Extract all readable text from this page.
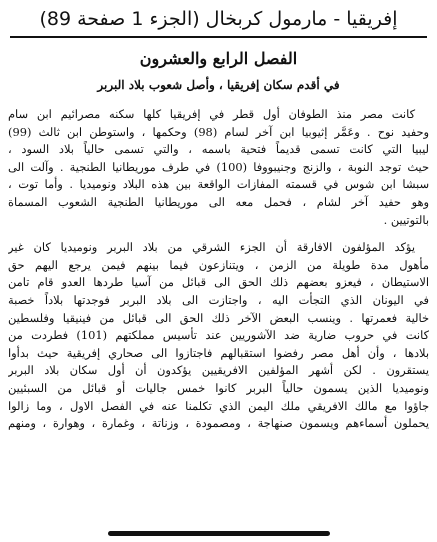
إفريقيا - مارمول كربخال (الجزء 1 صفحة 89)
الفصل الرابع والعشرون
في أقدم سكان إفريقيا ، وأصل شعوب بلاد البربر
كانت مصر منذ الطوفان أول قطر في إفريقيا كلها سكنه مصرائيم ابن سام
وحفيد نوح . وعَمَّر إثيوبيا ابن آخر لسام (98) وحكمها ، واستوطن ابن ثالث (99)
ليبيا التي كانت تسمى قديماً فتحية باسمه ، والتي تسمى حالياً بلاد السود ،
حيث توجد النوبة ، والزنج وجنيبووفا (100) في طرف موريطانيا الطنجية . وآلت الى
سبشا ابن شوس في قسمته المفازات الواقعة بين هذه البلاد ونوميديا . وأما توت ،
وهو حفيد آخر لشام ، فحمل معه الى موريطانيا الطنجية الشعوب المسماة
بالتوتيين .
يؤكد المؤلفون الافارقة أن الجزء الشرقي من بلاد البربر ونوميديا كان غير
مأهول مدة طويلة من الزمن ، ويتنازعون فيما بينهم فيمن يرجع اليهم حق
الاستيطان ، فيعزو بعضهم ذلك الحق الى قبائل من آسيا طردها العدو قام تامن
في اليونان الذي التجأت اليه ، واجتازت الى بلاد البربر فوجدتها بلاداً خصبة
خالية فعمرتها . وينسب البعض الآخر ذلك الحق الى قبائل من فينيقيا وفلسطين
كانت في حروب ضارية ضد الآشوريين عند تأسيس مملكتهم (101) فطردت من
بلادها ، وأن أهل مصر رفضوا استقبالهم فاجتازوا الى صحاري إفريقية حيث بدأوا
يستقرون . لكن أشهر المؤلفين الافريقيين يؤكدون أن أول سكان بلاد البربر
ونوميديا الذين يسمون حالياً البربر كانوا خمس جاليات أو قبائل من السبئيين
جاؤوا مع مالك الافريقي ملك اليمن الذي تكلمنا عنه في الفصل الاول ، وما زالوا
يحملون أسماءهم ويسمون صنهاجة ، ومصمودة ، وزناتة ، وغمارة ، وهوارة ، ومنهم
